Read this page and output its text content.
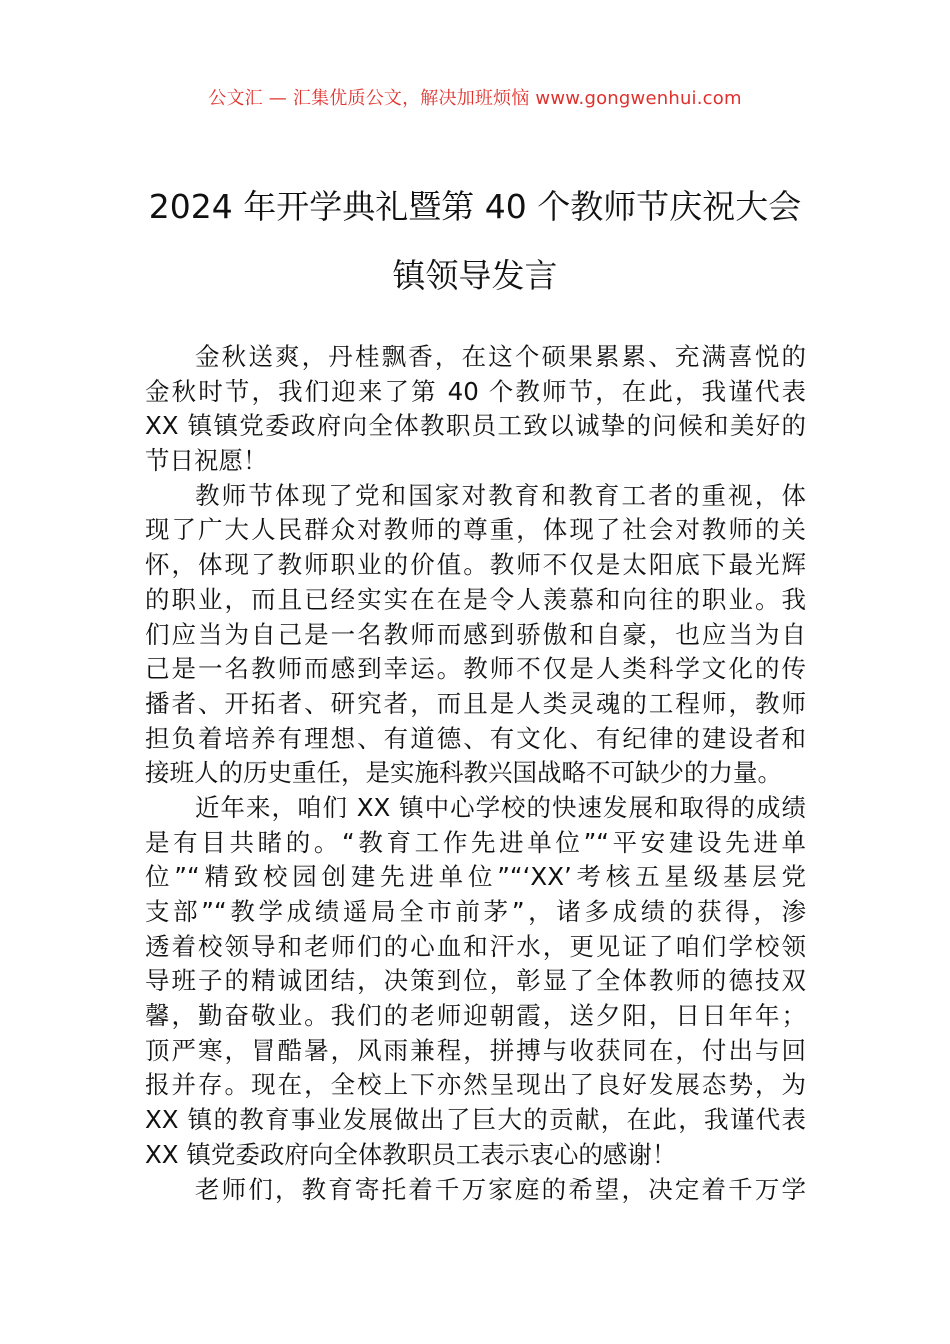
公文汇 — 汇集优质公文，解决加班烦恼 www.gongwenhui.com
2024 年开学典礼暨第 40 个教师节庆祝大会
镇领导发言
金秋送爽，丹桂飘香，在这个硕果累累、充满喜悦的
金秋时节，我们迎来了第 40 个教师节，在此，我谨代表
XX 镇镇党委政府向全体教职员工致以诚挚的问候和美好的
节日祝愿！
教师节体现了党和国家对教育和教育工者的重视，体
现了广大人民群众对教师的尊重，体现了社会对教师的关
怀，体现了教师职业的价值。教师不仅是太阳底下最光辉
的职业，而且已经实实在在是令人羡慕和向往的职业。我
们应当为自己是一名教师而感到骄傲和自豪，也应当为自
己是一名教师而感到幸运。教师不仅是人类科学文化的传
播者、开拓者、研究者，而且是人类灵魂的工程师，教师
担负着培养有理想、有道德、有文化、有纪律的建设者和
接班人的历史重任，是实施科教兴国战略不可缺少的力量。
近年来，咱们 XX 镇中心学校的快速发展和取得的成绩
是有目共睹的。“教育工作先进单位”“平安建设先进单
位”“精致校园创建先进单位”“‘XX’考核五星级基层党
支部”“教学成绩遥局全市前茅”，诸多成绩的获得，渗
透着校领导和老师们的心血和汗水，更见证了咱们学校领
导班子的精诚团结，决策到位，彰显了全体教师的德技双
馨，勤奋敬业。我们的老师迎朝霞，送夕阳，日日年年；
顶严寒，冒酷暑，风雨兼程，拼搏与收获同在，付出与回
报并存。现在，全校上下亦然呈现出了良好发展态势，为
XX 镇的教育事业发展做出了巨大的贡献，在此，我谨代表
XX 镇党委政府向全体教职员工表示衷心的感谢！
老师们，教育寄托着千万家庭的希望，决定着千万学
